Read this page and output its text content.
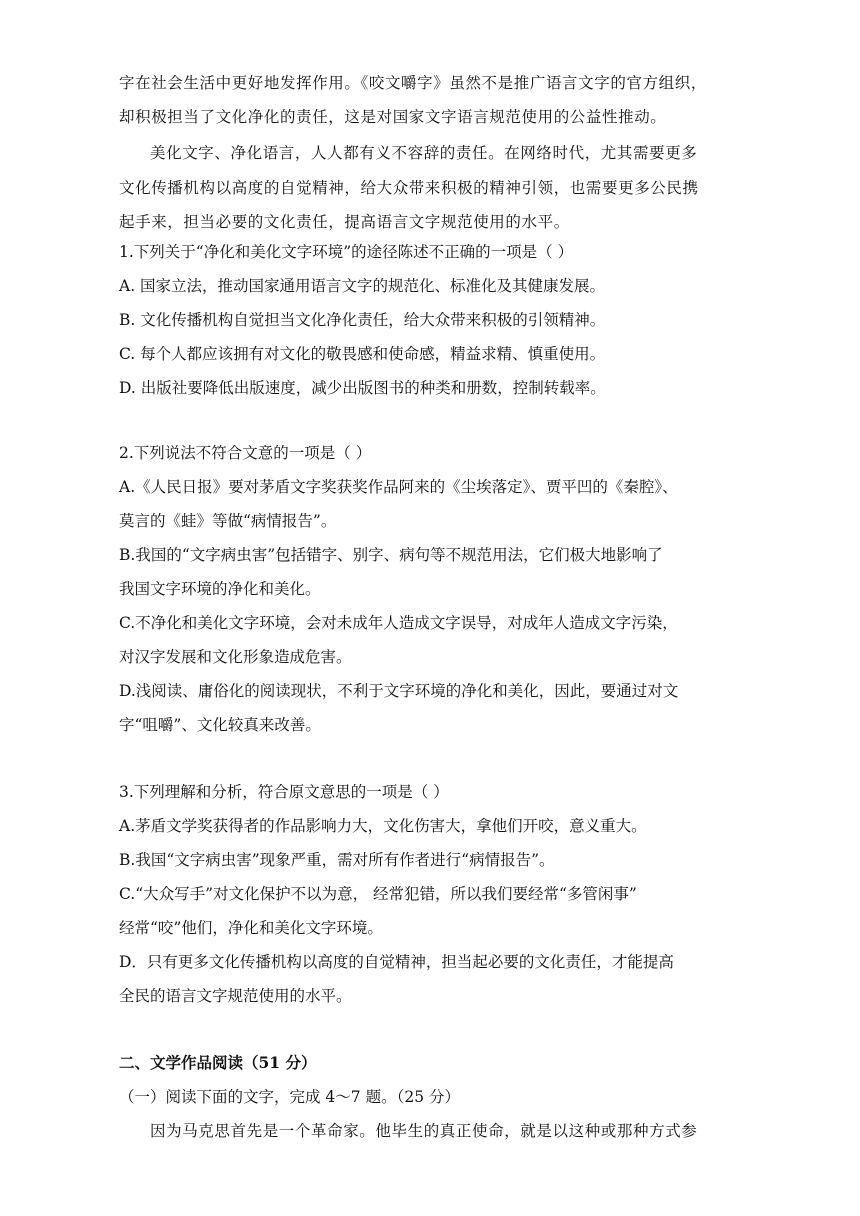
字在社会生活中更好地发挥作用。《咬文嚼字》虽然不是推广语言文字的官方组织，
却积极担当了文化净化的责任，这是对国家文字语言规范使用的公益性推动。
美化文字、净化语言，人人都有义不容辞的责任。在网络时代，尤其需要更多
文化传播机构以高度的自觉精神，给大众带来积极的精神引领，也需要更多公民携
起手来，担当必要的文化责任，提高语言文字规范使用的水平。
1.下列关于“净化和美化文字环境”的途径陈述不正确的一项是（ ）
A. 国家立法，推动国家通用语言文字的规范化、标准化及其健康发展。
B. 文化传播机构自觉担当文化净化责任，给大众带来积极的引领精神。
C. 每个人都应该拥有对文化的敬畏感和使命感，精益求精、慎重使用。
D. 出版社要降低出版速度，减少出版图书的种类和册数，控制转载率。
2.下列说法不符合文意的一项是（ ）
A.《人民日报》要对茅盾文字奖获奖作品阿来的《尘埃落定》、贾平凹的《秦腔》、
莫言的《蛙》等做“病情报告”。
B.我国的“文字病虫害”包括错字、别字、病句等不规范用法，它们极大地影响了
我国文字环境的净化和美化。
C.不净化和美化文字环境，会对未成年人造成文字误导，对成年人造成文字污染，
对汉字发展和文化形象造成危害。
D.浅阅读、庸俗化的阅读现状，不利于文字环境的净化和美化，因此，要通过对文
字“咀嚼”、文化较真来改善。
3.下列理解和分析，符合原文意思的一项是（ ）
A.茅盾文学奖获得者的作品影响力大，文化伤害大，拿他们开咬，意义重大。
B.我国“文字病虫害”现象严重，需对所有作者进行“病情报告”。
C.“大众写手”对文化保护不以为意， 经常犯错，所以我们要经常“多管闲事”
经常“咬”他们，净化和美化文字环境。
D．只有更多文化传播机构以高度的自觉精神，担当起必要的文化责任，才能提高
全民的语言文字规范使用的水平。
二、文学作品阅读（51 分）
（一）阅读下面的文字，完成 4～7 题。（25 分）
因为马克思首先是一个革命家。他毕生的真正使命，就是以这种或那种方式参
